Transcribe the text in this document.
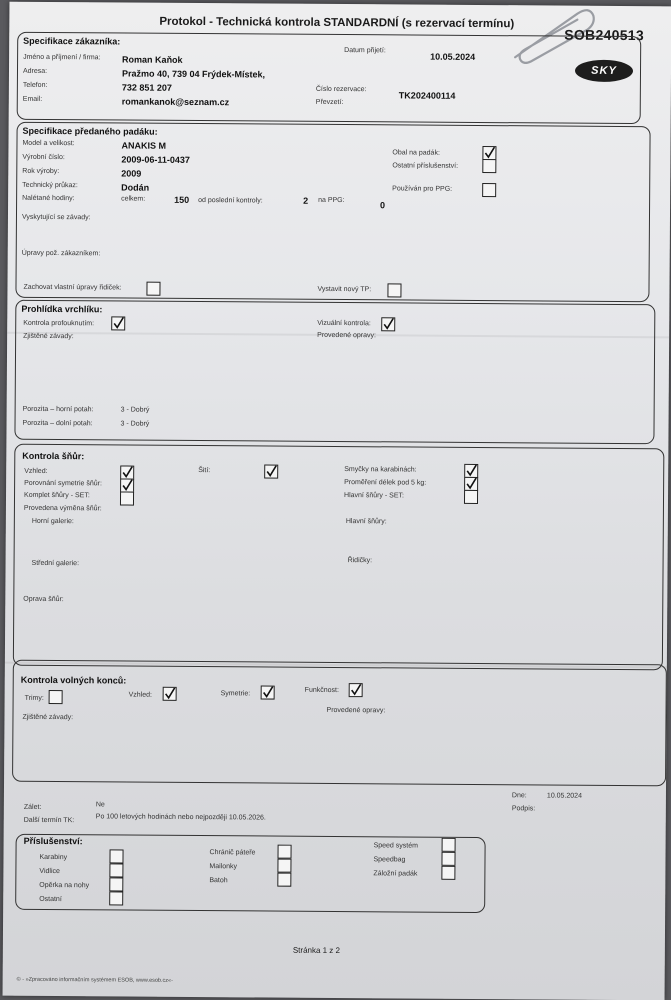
Protokol - Technická kontrola STANDARDNÍ (s rezervací termínu)
SOB240513
SKY
Specifikace zákazníka:
Jméno a příjmení / firma: Roman Kaňok
Adresa:	Pražmo 40, 739 04 Frýdek-Místek,
Telefon:	732 851 207
Email:	romankanok@seznam.cz
Datum přijetí:
10.05.2024
Číslo rezervace:
TK202400114
Převzetí:
Specifikace předaného padáku:
Model a velikost:	ANAKIS M
Výrobní číslo:	2009-06-11-0437
Rok výroby:	2009
Technický průkaz:	Dodán
Nalétané hodiny:	celkem:	150 od poslední kontroly:	2 na PPG:	0
Vyskytující se závady:
Úpravy pož. zákazníkem:
Obal na padák:
Ostatní příslušenství:
Používán pro PPG:
Zachovat vlastní úpravy řidiček:	Vystavit nový TP:
Prohlídka vrchlíku:
Kontrola profouknutím:
Zjištěné závady:
Vizuální kontrola:
Provedené opravy:
Porozita – horní potah:	3 - Dobrý
Porozita – dolní potah:	3 - Dobrý
Kontrola šňůr:
Vzhled:
Porovnání symetrie šňůr:
Komplet šňůry - SET:
Provedena výměna šňůr:
Horní galerie:
Střední galerie:
Oprava šňůr:
Šití:	Smyčky na karabinách:
Proměření délek pod 5 kg:
Hlavní šňůry - SET:
Hlavní šňůry:
Řidičky:
Kontrola volných konců:
Trimy:	Vzhled:	Symetrie:	Funkčnost:
Zjištěné závady:
Provedené opravy:
Dne:	10.05.2024
Podpis:
Zálet:	Ne
Další termín TK:	Po 100 letových hodinách nebo nejpozději 10.05.2026.
Příslušenství:
Karabiny
Vidlice
Opěrka na nohy
Ostatní
Chránič páteře
Mailonky
Batoh
Speed systém
Speedbag
Záložní padák
Stránka 1 z 2
© - »Zpracováno informačním systémem ESOB, www.esob.cz«-
